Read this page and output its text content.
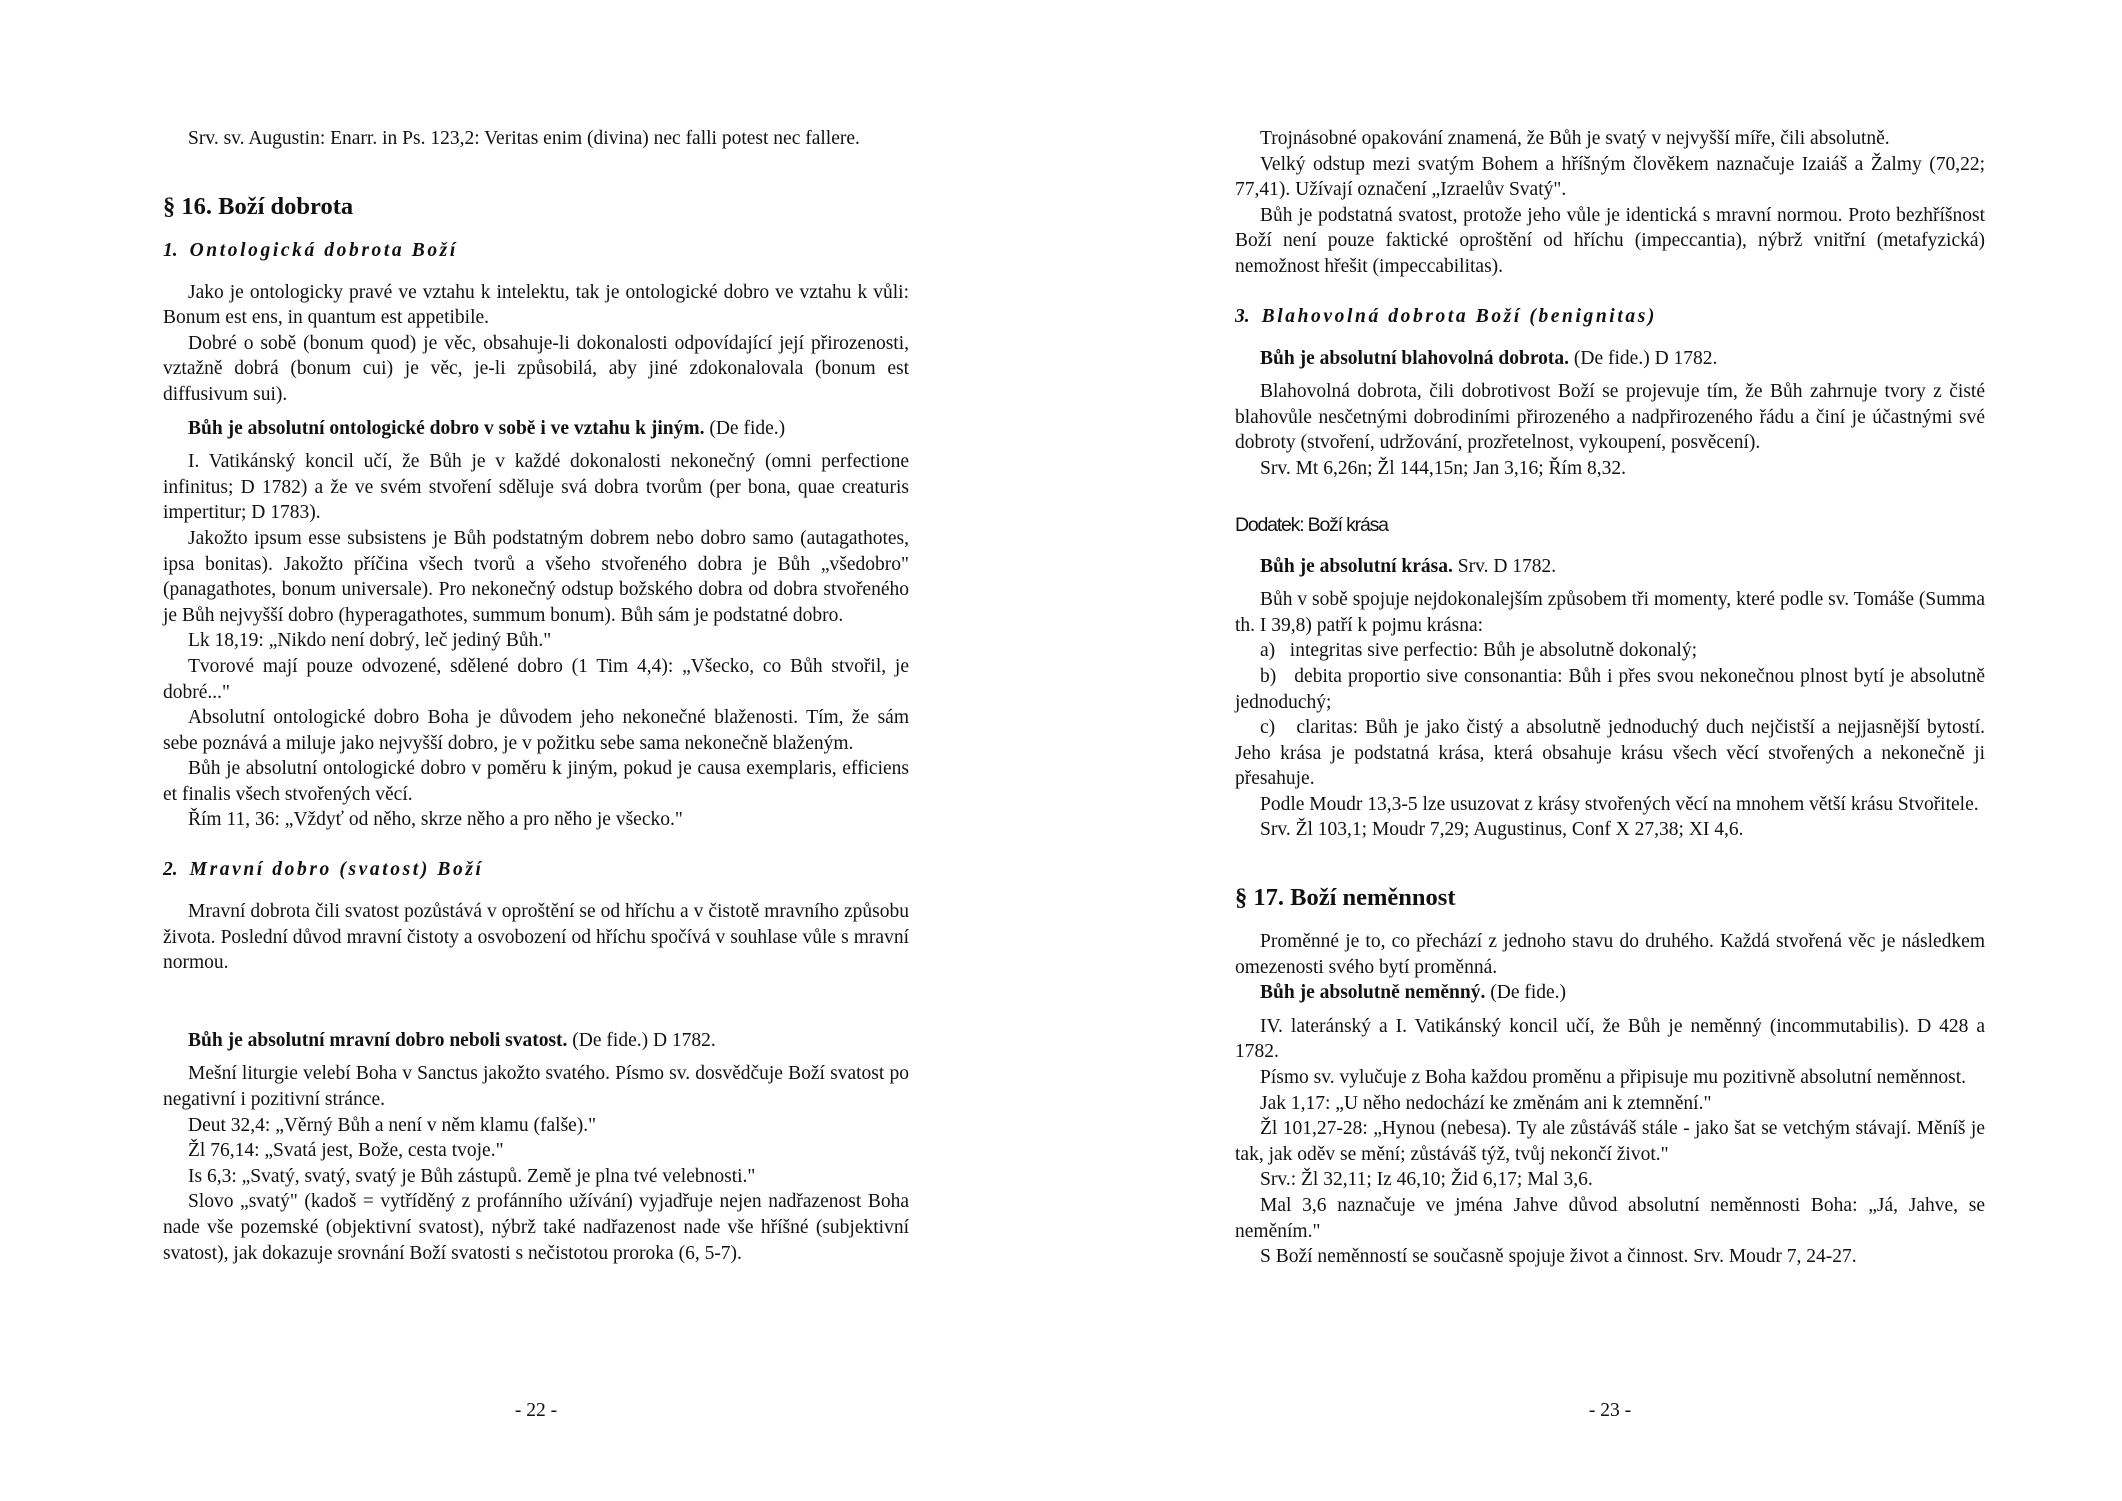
Srv. sv. Augustin: Enarr. in Ps. 123,2: Veritas enim (divina) nec falli potest nec fallere.

§ 16. Boží dobrota
1. Ontologická dobrota Boží

Jako je ontologicky pravé ve vztahu k intelektu, tak je ontologické dobro ve vztahu k vůli: Bonum est ens, in quantum est appetibile.

Dobré o sobě (bonum quod) je věc, obsahuje-li dokonalosti odpovídající její přirozenosti, vztažně dobrá (bonum cui) je věc, je-li způsobilá, aby jiné zdokonalovala (bonum est diffusivum sui).

Bůh je absolutní ontologické dobro v sobě i ve vztahu k jiným. (De fide.)

I. Vatikánský koncil učí, že Bůh je v každé dokonalosti nekonečný (omni perfectione infinitus; D 1782) a že ve svém stvoření sděluje svá dobra tvorům (per bona, quae creaturis impertitur; D 1783).

Jakožto ipsum esse subsistens je Bůh podstatným dobrem nebo dobro samo (autagathotes, ipsa bonitas). Jakožto příčina všech tvorů a všeho stvořeného dobra je Bůh „všedobro" (panagathotes, bonum universale). Pro nekonečný odstup božského dobra od dobra stvořeného je Bůh nejvyšší dobro (hyperagathotes, summum bonum). Bůh sám je podstatné dobro.

Lk 18,19: „Nikdo není dobrý, leč jediný Bůh."

Tvorové mají pouze odvozené, sdělené dobro (1 Tim 4,4): „Všecko, co Bůh stvořil, je dobré..."

Absolutní ontologické dobro Boha je důvodem jeho nekonečné blaženosti. Tím, že sám sebe poznává a miluje jako nejvyšší dobro, je v požitku sebe sama nekonečně blaženým.

Bůh je absolutní ontologické dobro v poměru k jiným, pokud je causa exemplaris, efficiens et finalis všech stvořených věcí.

Řím 11, 36: „Vždyť od něho, skrze něho a pro něho je všecko."

2. Mravní dobro (svatost) Boží

Mravní dobrota čili svatost pozůstává v oproštění se od hříchu a v čistotě mravního způsobu života. Poslední důvod mravní čistoty a osvobození od hříchu spočívá v souhlase vůle s mravní normou.

Bůh je absolutní mravní dobro neboli svatost. (De fide.) D 1782.

Mešní liturgie velebí Boha v Sanctus jakožto svatého. Písmo sv. dosvědčuje Boží svatost po negativní i pozitivní stránce.

Deut 32,4: „Věrný Bůh a není v něm klamu (falše)."

Žl 76,14: „Svatá jest, Bože, cesta tvoje."

Is 6,3: „Svatý, svatý, svatý je Bůh zástupů. Země je plna tvé velebnosti."

Slovo „svatý" (kadoš = vytříděný z profánního užívání) vyjadřuje nejen nadřazenost Boha nade vše pozemské (objektivní svatost), nýbrž také nadřazenost nade vše hříšné (subjektivní svatost), jak dokazuje srovnání Boží svatosti s nečistotou proroka (6, 5-7).

- 22 -

Trojnásobné opakování znamená, že Bůh je svatý v nejvyšší míře, čili absolutně.

Velký odstup mezi svatým Bohem a hříšným člověkem naznačuje Izaiáš a Žalmy (70,22; 77,41). Užívají označení „Izraelův Svatý".

Bůh je podstatná svatost, protože jeho vůle je identická s mravní normou. Proto bezhříšnost Boží není pouze faktické oproštění od hříchu (impeccantia), nýbrž vnitřní (metafyzická) nemožnost hřešit (impeccabilitas).

3. Blahovolná dobrota Boží (benignitas)

Bůh je absolutní blahovolná dobrota. (De fide.) D 1782.

Blahovolná dobrota, čili dobrotivost Boží se projevuje tím, že Bůh zahrnuje tvory z čisté blahovůle nesčetnými dobrodiními přirozeného a nadpřirozeného řádu a činí je účastnými své dobroty (stvoření, udržování, prozřetelnost, vykoupení, posvěcení).

Srv. Mt 6,26n; Žl 144,15n; Jan 3,16; Řím 8,32.

Dodatek: Boží krása

Bůh je absolutní krása. Srv. D 1782.

Bůh v sobě spojuje nejdokonalejším způsobem tři momenty, které podle sv. Tomáše (Summa th. I 39,8) patří k pojmu krásna:

a)   integritas sive perfectio: Bůh je absolutně dokonalý;

b)   debita proportio sive consonantia: Bůh i přes svou nekonečnou plnost bytí je absolutně jednoduchý;

c)   claritas: Bůh je jako čistý a absolutně jednoduchý duch nejčistší a nejjasnější bytostí. Jeho krása je podstatná krása, která obsahuje krásu všech věcí stvořených a nekonečně ji přesahuje.

Podle Moudr 13,3-5 lze usuzovat z krásy stvořených věcí na mnohem větší krásu Stvořitele.

Srv. Žl 103,1; Moudr 7,29; Augustinus, Conf X 27,38; XI 4,6.

§ 17. Boží neměnnost

Proměnné je to, co přechází z jednoho stavu do druhého. Každá stvořená věc je následkem omezenosti svého bytí proměnná.

Bůh je absolutně neměnný. (De fide.)

IV. lateránský a I. Vatikánský koncil učí, že Bůh je neměnný (incommutabilis). D 428 a 1782.

Písmo sv. vylučuje z Boha každou proměnu a připisuje mu pozitivně absolutní neměnnost.

Jak 1,17: „U něho nedochází ke změnám ani k ztemnění."

Žl 101,27-28: „Hynou (nebesa). Ty ale zůstáváš stále - jako šat se vetchým stávají. Měníš je tak, jak oděv se mění; zůstáváš týž, tvůj nekončí život."

Srv.: Žl 32,11; Iz 46,10; Žid 6,17; Mal 3,6.

Mal 3,6 naznačuje ve jména Jahve důvod absolutní neměnnosti Boha: „Já, Jahve, se neměním."

S Boží neměnností se současně spojuje život a činnost. Srv. Moudr 7, 24-27.

- 23 -
